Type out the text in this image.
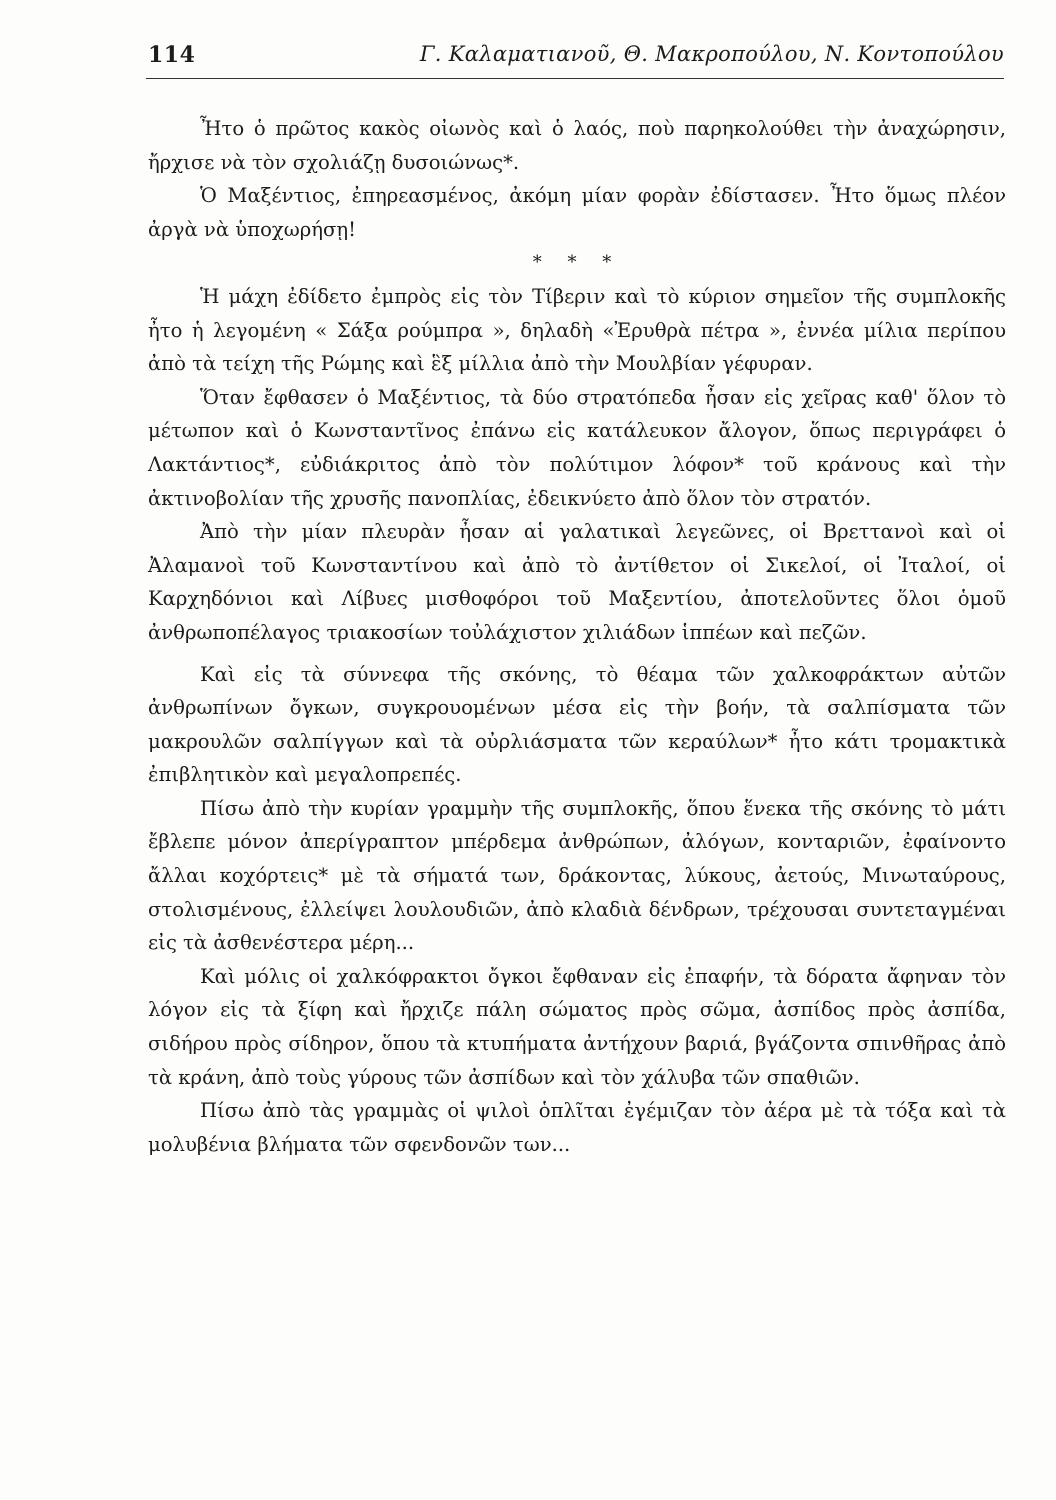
114	Γ. Καλαματιανοῦ, Θ. Μακροπούλου, Ν. Κοντοπούλου

Ἦτο ὁ πρῶτος κακὸς οἰωνὸς καὶ ὁ λαός, ποὺ παρηκολούθει τὴν ἀναχώρησιν, ἤρχισε νὰ τὸν σχολιάζῃ δυσοιώνως*.

Ὁ Μαξέντιος, ἐπηρεασμένος, ἀκόμη μίαν φορὰν ἐδίστασεν. Ἦτο ὅμως πλέον ἀργὰ νὰ ὑποχωρήσῃ!

* * *

Ἡ μάχη ἐδίδετο ἐμπρὸς εἰς τὸν Τίβεριν καὶ τὸ κύριον σημεῖον τῆς συμπλοκῆς ἦτο ἡ λεγομένη « Σάξα ρούμπρα », δηλαδὴ «Ἐρυθρὰ πέτρα », ἐννέα μίλια περίπου ἀπὸ τὰ τείχη τῆς Ρώμης καὶ ἓξ μίλλια ἀπὸ τὴν Μουλβίαν γέφυραν.

Ὅταν ἔφθασεν ὁ Μαξέντιος, τὰ δύο στρατόπεδα ἦσαν εἰς χεῖρας καθ' ὅλον τὸ μέτωπον καὶ ὁ Κωνσταντῖνος ἐπάνω εἰς κατάλευκον ἄλογον, ὅπως περιγράφει ὁ Λακτάντιος*, εὐδιάκριτος ἀπὸ τὸν πολύτιμον λόφον* τοῦ κράνους καὶ τὴν ἀκτινοβολίαν τῆς χρυσῆς πανοπλίας, ἐδεικνύετο ἀπὸ ὅλον τὸν στρατόν.

Ἀπὸ τὴν μίαν πλευρὰν ἦσαν αἱ γαλατικαὶ λεγεῶνες, οἱ Βρεττανοὶ καὶ οἱ Ἀλαμανοὶ τοῦ Κωνσταντίνου καὶ ἀπὸ τὸ ἀντίθετον οἱ Σικελοί, οἱ Ἰταλοί, οἱ Καρχηδόνιοι καὶ Λίβυες μισθοφόροι τοῦ Μαξεντίου, ἀποτελοῦντες ὅλοι ὁμοῦ ἀνθρωποπέλαγος τριακοσίων τοὐλάχιστον χιλιάδων ἱππέων καὶ πεζῶν.

Καὶ εἰς τὰ σύννεφα τῆς σκόνης, τὸ θέαμα τῶν χαλκοφράκτων αὐτῶν ἀνθρωπίνων ὄγκων, συγκρουομένων μέσα εἰς τὴν βοήν, τὰ σαλπίσματα τῶν μακρουλῶν σαλπίγγων καὶ τὰ οὐρλιάσματα τῶν κεραύλων* ἦτο κάτι τρομακτικὰ ἐπιβλητικὸν καὶ μεγαλοπρεπές.

Πίσω ἀπὸ τὴν κυρίαν γραμμὴν τῆς συμπλοκῆς, ὅπου ἕνεκα τῆς σκόνης τὸ μάτι ἔβλεπε μόνον ἀπερίγραπτον μπέρδεμα ἀνθρώπων, ἀλόγων, κονταριῶν, ἐφαίνοντο ἄλλαι κοχόρτεις* μὲ τὰ σήματά των, δράκοντας, λύκους, ἀετούς, Μινωταύρους, στολισμένους, ἐλλείψει λουλουδιῶν, ἀπὸ κλαδιὰ δένδρων, τρέχουσαι συντεταγμέναι εἰς τὰ ἀσθενέστερα μέρη...

Καὶ μόλις οἱ χαλκόφρακτοι ὄγκοι ἔφθαναν εἰς ἐπαφήν, τὰ δόρατα ἄφηναν τὸν λόγον εἰς τὰ ξίφη καὶ ἤρχιζε πάλη σώματος πρὸς σῶμα, ἀσπίδος πρὸς ἀσπίδα, σιδήρου πρὸς σίδηρον, ὅπου τὰ κτυπήματα ἀντήχουν βαριά, βγάζοντα σπινθῆρας ἀπὸ τὰ κράνη, ἀπὸ τοὺς γύρους τῶν ἀσπίδων καὶ τὸν χάλυβα τῶν σπαθιῶν.

Πίσω ἀπὸ τὰς γραμμὰς οἱ ψιλοὶ ὁπλῖται ἐγέμιζαν τὸν ἀέρα μὲ τὰ τόξα καὶ τὰ μολυβένια βλήματα τῶν σφενδονῶν των...
